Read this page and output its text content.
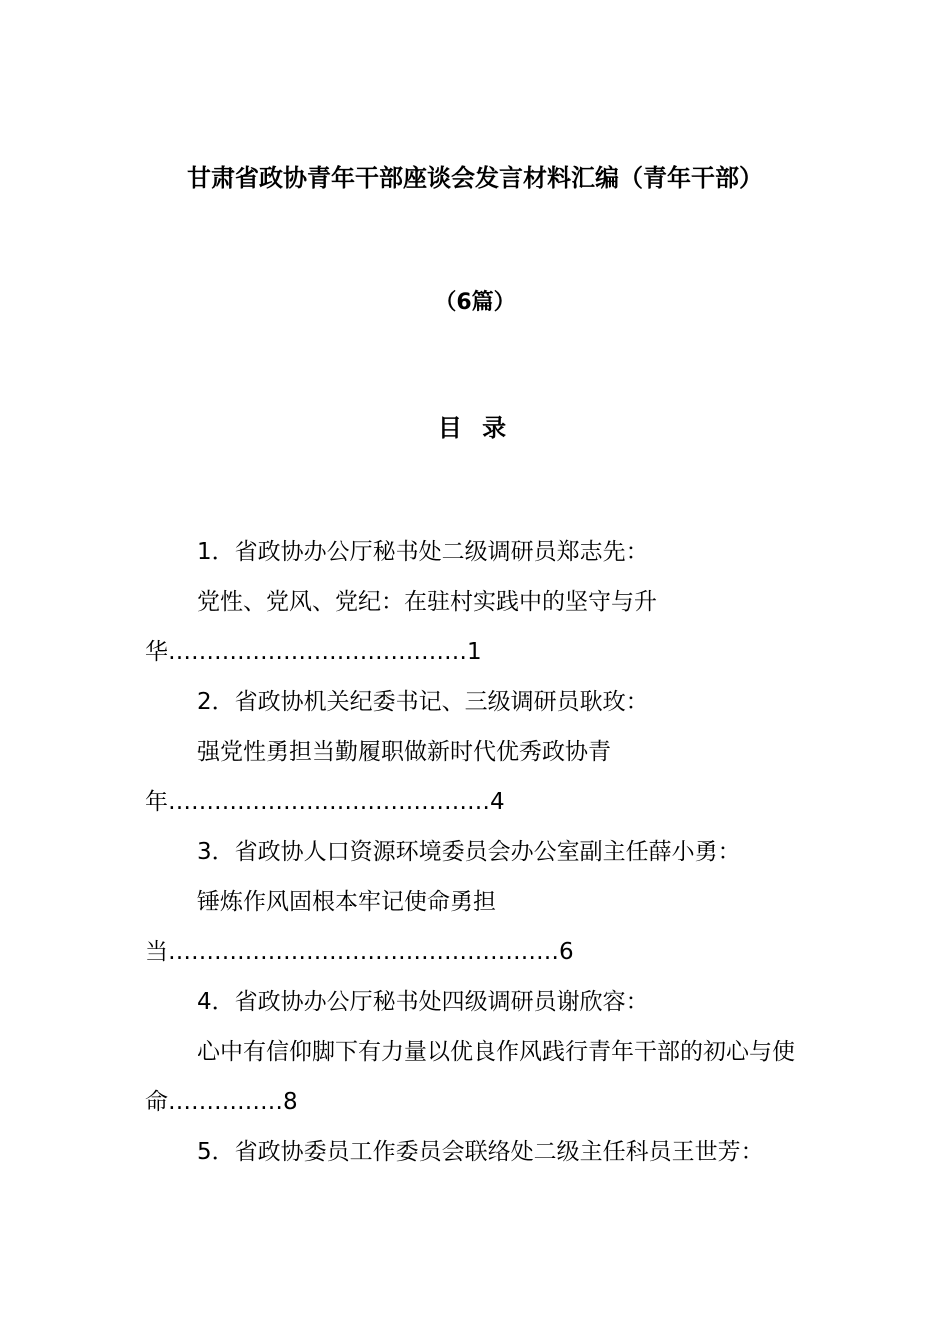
甘肃省政协青年干部座谈会发言材料汇编（青年干部）
（6篇）
目 录
1．省政协办公厅秘书处二级调研员郑志先：
党性、党风、党纪：在驻村实践中的坚守与升华…………………………………1
2．省政协机关纪委书记、三级调研员耿玫：
强党性勇担当勤履职做新时代优秀政协青年……………………………………4
3．省政协人口资源环境委员会办公室副主任薛小勇：
锤炼作风固根本牢记使命勇担当……………………………………………6
4．省政协办公厅秘书处四级调研员谢欣容：
心中有信仰脚下有力量以优良作风践行青年干部的初心与使命……………8
5．省政协委员工作委员会联络处二级主任科员王世芳：
